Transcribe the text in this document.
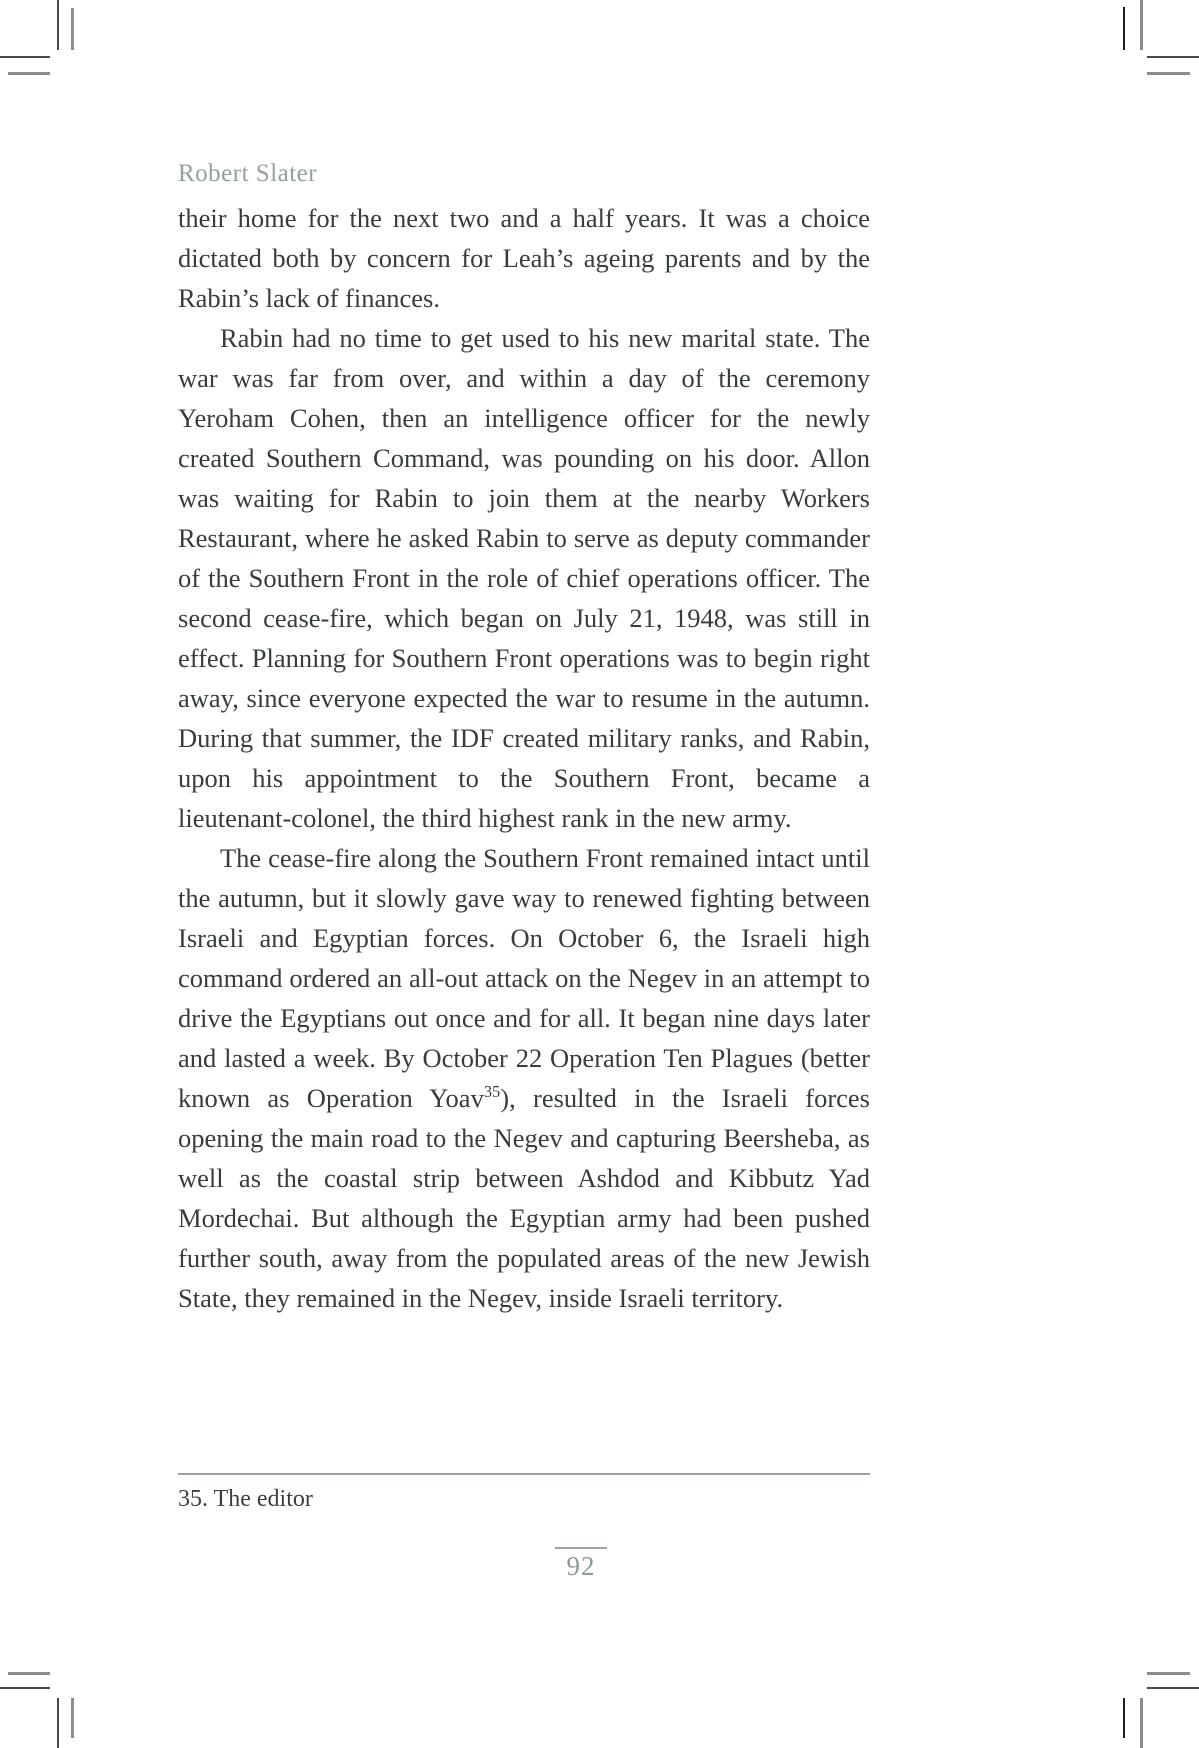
Robert Slater

their home for the next two and a half years. It was a choice dictated both by concern for Leah’s ageing parents and by the Rabin’s lack of finances.

Rabin had no time to get used to his new marital state. The war was far from over, and within a day of the ceremony Yeroham Cohen, then an intelligence officer for the newly created Southern Command, was pounding on his door. Allon was waiting for Rabin to join them at the nearby Workers Restaurant, where he asked Rabin to serve as deputy commander of the Southern Front in the role of chief operations officer. The second cease-fire, which began on July 21, 1948, was still in effect. Planning for Southern Front operations was to begin right away, since everyone expected the war to resume in the autumn. During that summer, the IDF created military ranks, and Rabin, upon his appointment to the Southern Front, became a lieutenant-colonel, the third highest rank in the new army.

The cease-fire along the Southern Front remained intact until the autumn, but it slowly gave way to renewed fighting between Israeli and Egyptian forces. On October 6, the Israeli high command ordered an all-out attack on the Negev in an attempt to drive the Egyptians out once and for all. It began nine days later and lasted a week. By October 22 Operation Ten Plagues (better known as Operation Yoav$^{35}$), resulted in the Israeli forces opening the main road to the Negev and capturing Beersheba, as well as the coastal strip between Ashdod and Kibbutz Yad Mordechai. But although the Egyptian army had been pushed further south, away from the populated areas of the new Jewish State, they remained in the Negev, inside Israeli territory.

35. The editor
92
